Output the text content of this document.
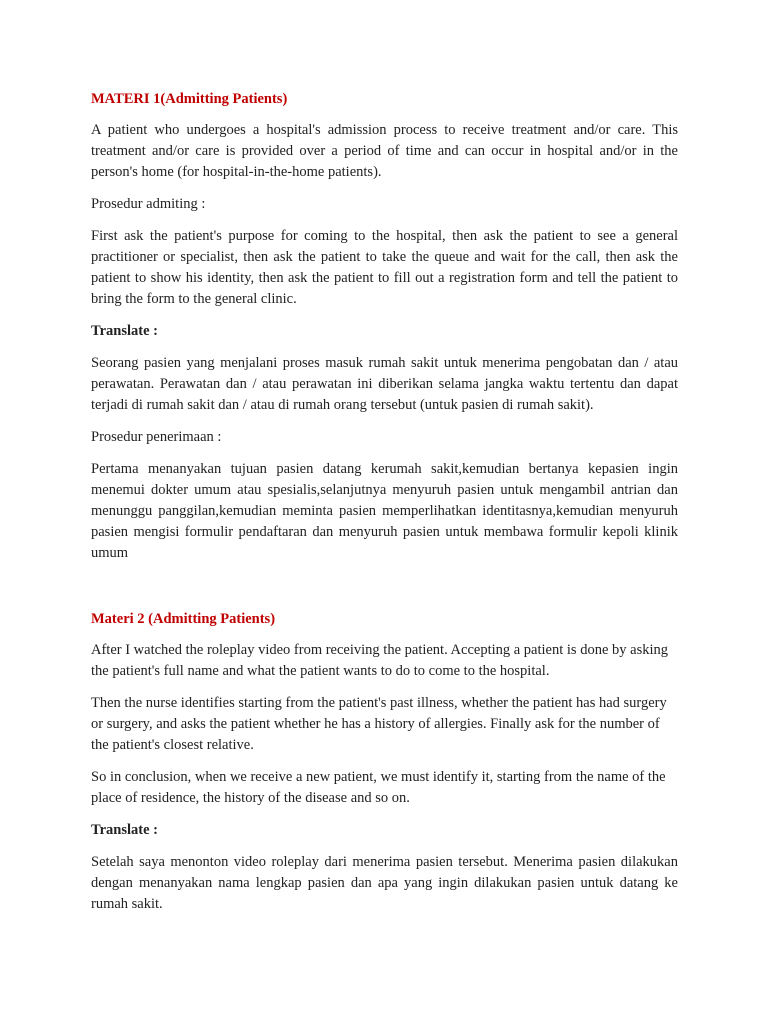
MATERI 1(Admitting Patients)

A patient who undergoes a hospital's admission process to receive treatment and/or care. This treatment and/or care is provided over a period of time and can occur in hospital and/or in the person's home (for hospital-in-the-home patients).

Prosedur admiting :

First ask the patient's purpose for coming to the hospital, then ask the patient to see a general practitioner or specialist, then ask the patient to take the queue and wait for the call, then ask the patient to show his identity, then ask the patient to fill out a registration form and tell the patient to bring the form to the general clinic.

Translate :

Seorang pasien yang menjalani proses masuk rumah sakit untuk menerima pengobatan dan / atau perawatan. Perawatan dan / atau perawatan ini diberikan selama jangka waktu tertentu dan dapat terjadi di rumah sakit dan / atau di rumah orang tersebut (untuk pasien di rumah sakit).

Prosedur penerimaan :

Pertama menanyakan tujuan pasien datang kerumah sakit,kemudian bertanya kepasien ingin menemui dokter umum atau spesialis,selanjutnya menyuruh pasien untuk mengambil antrian dan menunggu panggilan,kemudian meminta pasien memperlihatkan identitasnya,kemudian menyuruh pasien mengisi formulir pendaftaran dan menyuruh pasien untuk membawa formulir kepoli klinik umum

Materi 2 (Admitting Patients)

After I watched the roleplay video from receiving the patient. Accepting a patient is done by asking the patient's full name and what the patient wants to do to come to the hospital.

Then the nurse identifies starting from the patient's past illness, whether the patient has had surgery or surgery, and asks the patient whether he has a history of allergies. Finally ask for the number of the patient's closest relative.

So in conclusion, when we receive a new patient, we must identify it, starting from the name of the place of residence, the history of the disease and so on.

Translate :

Setelah saya menonton video roleplay dari menerima pasien tersebut. Menerima pasien dilakukan dengan menanyakan nama lengkap pasien dan apa yang ingin dilakukan pasien untuk datang ke rumah sakit.
